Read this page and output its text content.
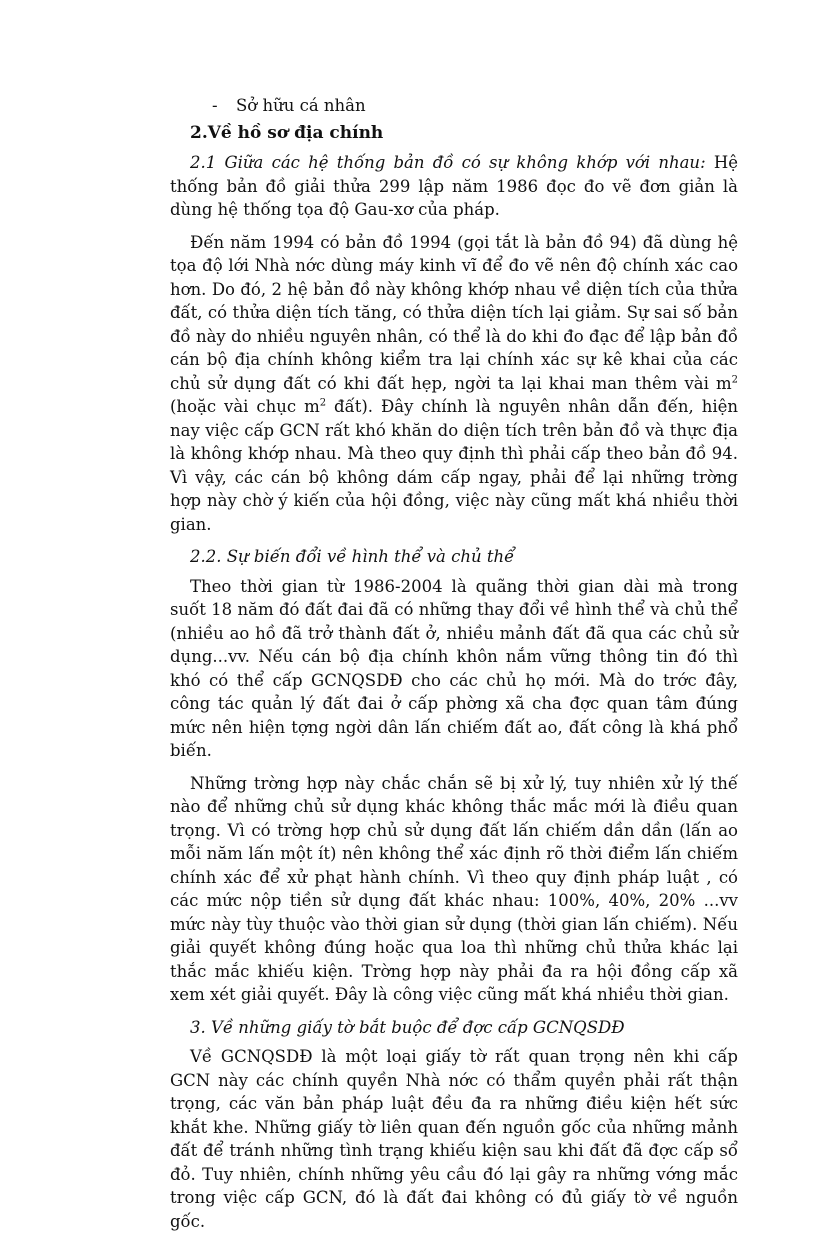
- Sở hữu cá nhân
2.Về hồ sơ địa chính

2.1 Giữa các hệ thống bản đồ có sự không khớp với nhau: Hệ thống bản đồ giải thửa 299 lập năm 1986 đọc đo vẽ đơn giản là dùng hệ thống tọa độ Gau-xơ của pháp.

Đến năm 1994 có bản đồ 1994 (gọi tắt là bản đồ 94) đã dùng hệ tọa độ lới Nhà nớc dùng máy kinh vĩ để đo vẽ nên độ chính xác cao hơn. Do đó, 2 hệ bản đồ này không khớp nhau về diện tích của thửa đất, có thửa diện tích tăng, có thửa diện tích lại giảm. Sự sai số bản đồ này do nhiều nguyên nhân, có thể là do khi đo đạc để lập bản đồ cán bộ địa chính không kiểm tra lại chính xác sự kê khai của các chủ sử dụng đất có khi đất hẹp, ngời ta lại khai man thêm vài $m^2$ (hoặc vài chục $m^2$ đất). Đây chính là nguyên nhân dẫn đến, hiện nay việc cấp GCN rất khó khăn do diện tích trên bản đồ và thực địa là không khớp nhau. Mà theo quy định thì phải cấp theo bản đồ 94. Vì vậy, các cán bộ không dám cấp ngay, phải để lại những trờng hợp này chờ ý kiến của hội đồng, việc này cũng mất khá nhiều thời gian.

2.2. Sự biến đổi về hình thể và chủ thể

Theo thời gian từ 1986-2004 là quãng thời gian dài mà trong suốt 18 năm đó đất đai đã có những thay đổi về hình thể và chủ thể (nhiều ao hồ đã trở thành đất ở, nhiều mảnh đất đã qua các chủ sử dụng...vv. Nếu cán bộ địa chính khôn nắm vững thông tin đó thì khó có thể cấp GCNQSDĐ cho các chủ họ mới. Mà do trớc đây, công tác quản lý đất đai ở cấp phờng xã cha đợc quan tâm đúng mức nên hiện tợng ngời dân lấn chiếm đất ao, đất công là khá phổ biến.

Những trờng hợp này chắc chắn sẽ bị xử lý, tuy nhiên xử lý thế nào để những chủ sử dụng khác không thắc mắc mới là điều quan trọng. Vì có trờng hợp chủ sử dụng đất lấn chiếm dần dần (lấn ao mỗi năm lấn một ít) nên không thể xác định rõ thời điểm lấn chiếm chính xác để xử phạt hành chính. Vì theo quy định pháp luật , có các mức nộp tiền sử dụng đất khác nhau: 100%, 40%, 20% ...vv mức này tùy thuộc vào thời gian sử dụng (thời gian lấn chiếm). Nếu giải quyết không đúng hoặc qua loa thì những chủ thửa khác lại thắc mắc khiếu kiện. Trờng hợp này phải đa ra hội đồng cấp xã xem xét giải quyết. Đây là công việc cũng mất khá nhiều thời gian.

3. Về những giấy tờ bắt buộc để đợc cấp GCNQSDĐ

Về GCNQSDĐ là một loại giấy tờ rất quan trọng nên khi cấp GCN này các chính quyền Nhà nớc có thẩm quyền phải rất thận trọng, các văn bản pháp luật đều đa ra những điều kiện hết sức khắt khe. Những giấy tờ liên quan đến nguồn gốc của những mảnh đất để tránh những tình trạng khiếu kiện sau khi đất đã đợc cấp sổ đỏ. Tuy nhiên, chính những yêu cầu đó lại gây ra những vớng mắc trong việc cấp GCN, đó là đất đai không có đủ giấy tờ về nguồn gốc.
